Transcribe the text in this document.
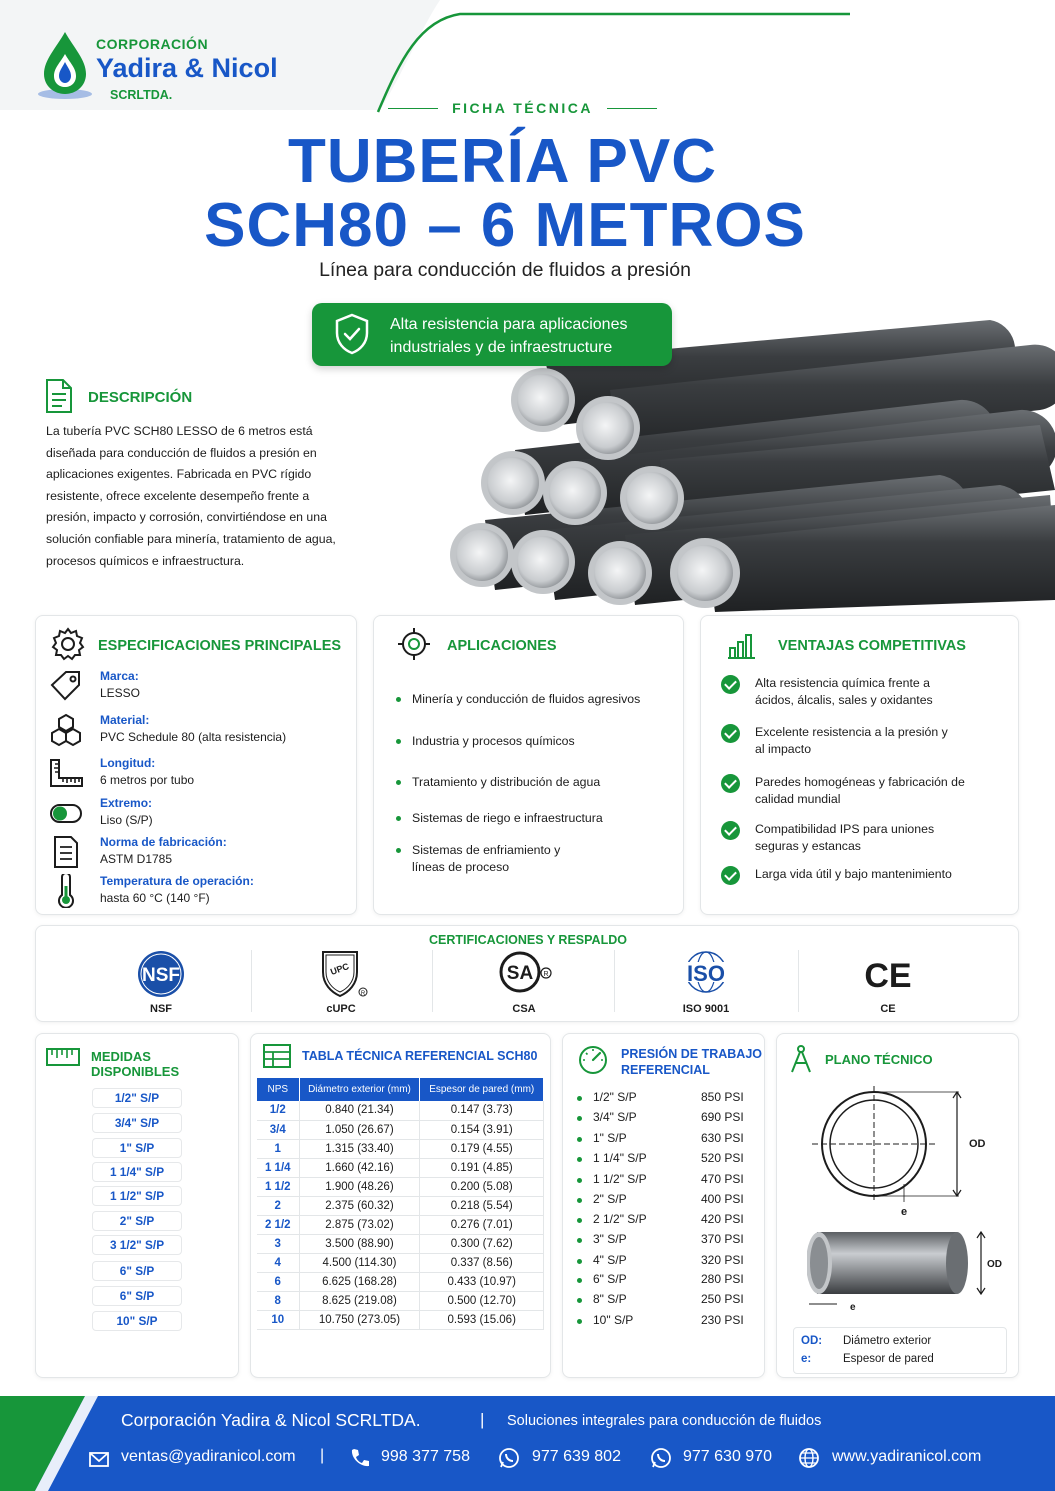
CORPORACIÓN
Yadira & Nicol
SCRLTDA.
FICHA TÉCNICA
TUBERÍA PVC
SCH80 – 6 METROS
Línea para conducción de fluidos a presión
Alta resistencia para aplicaciones
industriales y de infraestructure
DESCRIPCIÓN
La tubería PVC SCH80 LESSO de 6 metros está diseñada para conducción de fluidos a presión en aplicaciones exigentes. Fabricada en PVC rígido resistente, ofrece excelente desempeño frente a presión, impacto y corrosión, convirtiéndose en una solución confiable para minería, tratamiento de agua, procesos químicos e infraestructura.
ESPECIFICACIONES PRINCIPALES
Marca:
LESSO
Material:
PVC Schedule 80 (alta resistencia)
Longitud:
6 metros por tubo
Extremo:
Liso (S/P)
Norma de fabricación:
ASTM D1785
Temperatura de operación:
hasta 60 °C (140 °F)
APLICACIONES
Minería y conducción de fluidos agresivos
Industria y procesos químicos
Tratamiento y distribución de agua
Sistemas de riego e infraestructura
Sistemas de enfriamiento y líneas de proceso
VENTAJAS COMPETITIVAS
Alta resistencia química frente a ácidos, álcalis, sales y oxidantes
Excelente resistencia a la presión y al impacto
Paredes homogéneas y fabricación de calidad mundial
Compatibilidad IPS para uniones seguras y estancas
Larga vida útil y bajo mantenimiento
CERTIFICACIONES Y RESPALDO
NSF
NSF
UPC
R
cUPC
SA R
CSA
ISO
ISO 9001
CE
CE
MEDIDAS DISPONIBLES
1/2" S/P
3/4" S/P
1" S/P
1 1/4" S/P
1 1/2" S/P
2" S/P
3 1/2" S/P
6" S/P
6" S/P
10" S/P
TABLA TÉCNICA REFERENCIAL SCH80
NPS	Diámetro exterior (mm)	Espesor de pared (mm)
1/2	0.840 (21.34)	0.147 (3.73)
3/4	1.050 (26.67)	0.154 (3.91)
1	1.315 (33.40)	0.179 (4.55)
1 1/4	1.660 (42.16)	0.191 (4.85)
1 1/2	1.900 (48.26)	0.200 (5.08)
2	2.375 (60.32)	0.218 (5.54)
2 1/2	2.875 (73.02)	0.276 (7.01)
3	3.500 (88.90)	0.300 (7.62)
4	4.500 (114.30)	0.337 (8.56)
6	6.625 (168.28)	0.433 (10.97)
8	8.625 (219.08)	0.500 (12.70)
10	10.750 (273.05)	0.593 (15.06)
PRESIÓN DE TRABAJO
REFERENCIAL
1/2" S/P	850 PSI
3/4" S/P	690 PSI
1" S/P	630 PSI
1 1/4" S/P	520 PSI
1 1/2" S/P	470 PSI
2" S/P	400 PSI
2 1/2" S/P	420 PSI
3" S/P	370 PSI
4" S/P	320 PSI
6" S/P	280 PSI
8" S/P	250 PSI
10" S/P	230 PSI
PLANO TÉCNICO
OD
e
OD
e
OD: Diámetro exterior
e:	Espesor de pared
Corporación Yadira & Nicol SCRLTDA.	| Soluciones integrales para conducción de fluidos
ventas@yadiranicol.com |	998 377 758	977 639 802	977 630 970	www.yadiranicol.com
